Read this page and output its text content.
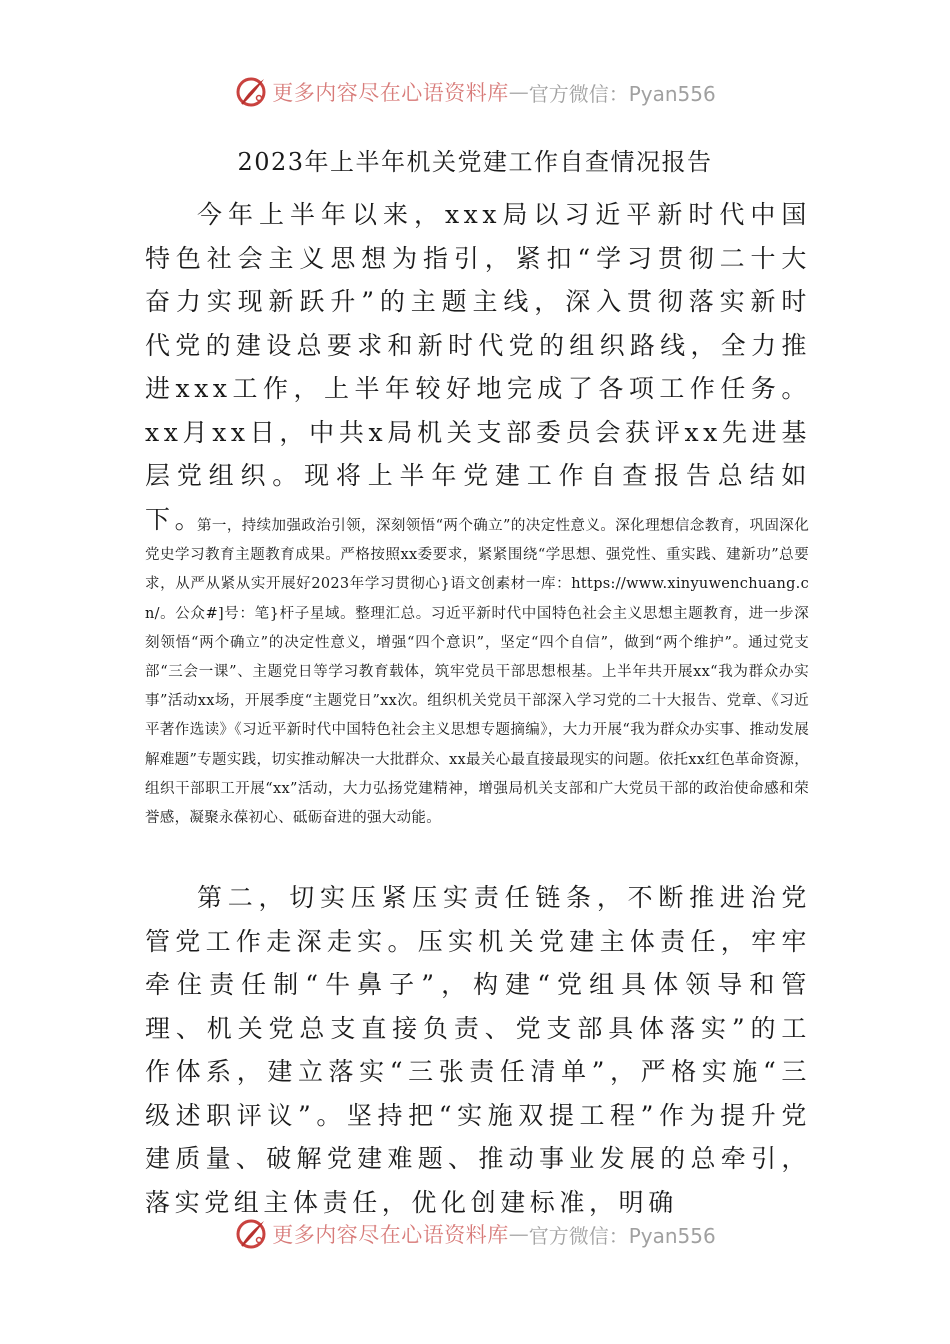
更多内容尽在心语资料库 — 官方微信：Pyan556
2023年上半年机关党建工作自查情况报告

今年上半年以来，xxx局以习近平新时代中国特色社会主义思想为指引，紧扣“学习贯彻二十大奋力实现新跃升”的主题主线，深入贯彻落实新时代党的建设总要求和新时代党的组织路线，全力推进xxx工作，上半年较好地完成了各项工作任务。xx月xx日，中共x局机关支部委员会获评xx先进基层党组织。现将上半年党建工作自查报告总结如下。

第一，持续加强政治引领，深刻领悟“两个确立”的决定性意义。深化理想信念教育，巩固深化党史学习教育主题教育成果。严格按照xx委要求，紧紧围绕“学思想、强党性、重实践、建新功”总要求，从严从紧从实开展好2023年学习贯彻心}语文创素材一库：https://www.xinyuwenchuang.cn/。公众#]号：笔}杆子星域。整理汇总。习近平新时代中国特色社会主义思想主题教育，进一步深刻领悟“两个确立”的决定性意义，增强“四个意识”，坚定“四个自信”，做到“两个维护”。通过党支部“三会一课”、主题党日等学习教育载体，筑牢党员干部思想根基。上半年共开展xx“我为群众办实事”活动xx场，开展季度“主题党日”xx次。组织机关党员干部深入学习党的二十大报告、党章、《习近平著作选读》《习近平新时代中国特色社会主义思想专题摘编》，大力开展“我为群众办实事、推动发展解难题”专题实践，切实推动解决一大批群众、xx最关心最直接最现实的问题。依托xx红色革命资源，组织干部职工开展“xx”活动，大力弘扬党建精神，增强局机关支部和广大党员干部的政治使命感和荣誉感，凝聚永葆初心、砥砺奋进的强大动能。

第二，切实压紧压实责任链条，不断推进治党管党工作走深走实。压实机关党建主体责任，牢牢牵住责任制“牛鼻子”，构建“党组具体领导和管理、机关党总支直接负责、党支部具体落实”的工作体系，建立落实“三张责任清单”，严格实施“三级述职评议”。坚持把“实施双提工程”作为提升党建质量、破解党建难题、推动事业发展的总牵引，落实党组主体责任，优化创建标准，明确

更多内容尽在心语资料库 — 官方微信：Pyan556
